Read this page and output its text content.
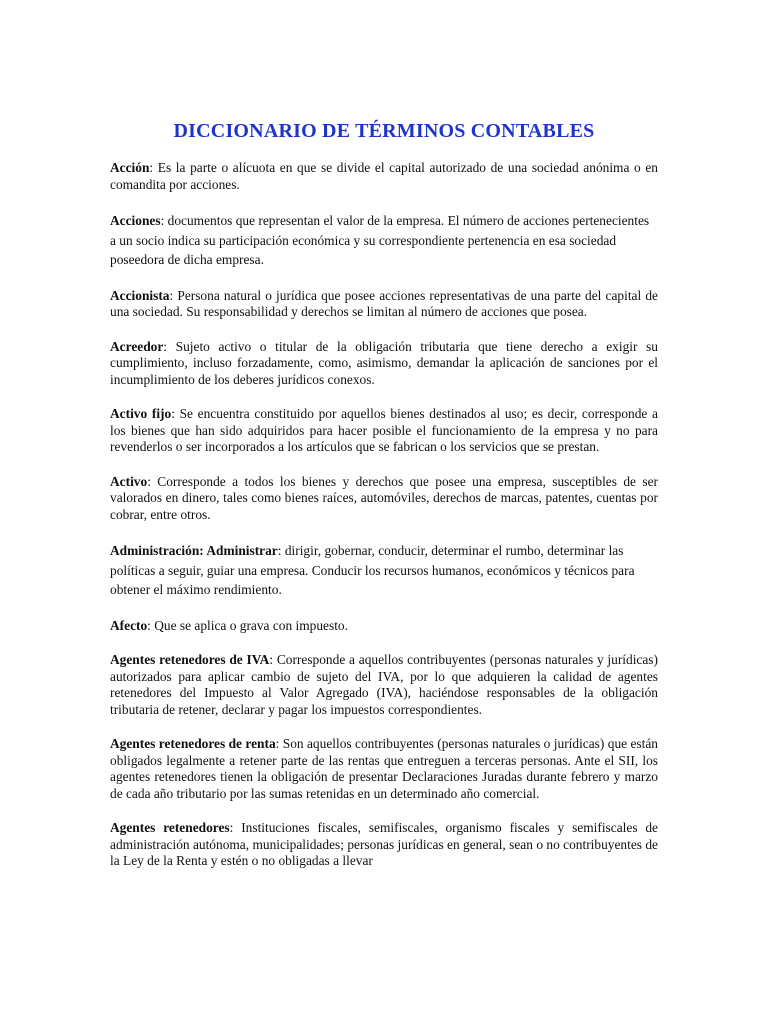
DICCIONARIO DE TÉRMINOS CONTABLES

Acción: Es la parte o alícuota en que se divide el capital autorizado de una sociedad anónima o en comandita por acciones.

Acciones: documentos que representan el valor de la empresa. El número de acciones pertenecientes a un socio indica su participación económica y su correspondiente pertenencia en esa sociedad poseedora de dicha empresa.

Accionista: Persona natural o jurídica que posee acciones representativas de una parte del capital de una sociedad. Su responsabilidad y derechos se limitan al número de acciones que posea.

Acreedor: Sujeto activo o titular de la obligación tributaria que tiene derecho a exigir su cumplimiento, incluso forzadamente, como, asimismo, demandar la aplicación de sanciones por el incumplimiento de los deberes jurídicos conexos.

Activo fijo: Se encuentra constituido por aquellos bienes destinados al uso; es decir, corresponde a los bienes que han sido adquiridos para hacer posible el funcionamiento de la empresa y no para revenderlos o ser incorporados a los artículos que se fabrican o los servicios que se prestan.

Activo: Corresponde a todos los bienes y derechos que posee una empresa, susceptibles de ser valorados en dinero, tales como bienes raíces, automóviles, derechos de marcas, patentes, cuentas por cobrar, entre otros.

Administración: Administrar: dirigir, gobernar, conducir, determinar el rumbo, determinar las políticas a seguir, guiar una empresa. Conducir los recursos humanos, económicos y técnicos para obtener el máximo rendimiento.

Afecto: Que se aplica o grava con impuesto.

Agentes retenedores de IVA: Corresponde a aquellos contribuyentes (personas naturales y jurídicas) autorizados para aplicar cambio de sujeto del IVA, por lo que adquieren la calidad de agentes retenedores del Impuesto al Valor Agregado (IVA), haciéndose responsables de la obligación tributaria de retener, declarar y pagar los impuestos correspondientes.

Agentes retenedores de renta: Son aquellos contribuyentes (personas naturales o jurídicas) que están obligados legalmente a retener parte de las rentas que entreguen a terceras personas. Ante el SII, los agentes retenedores tienen la obligación de presentar Declaraciones Juradas durante febrero y marzo de cada año tributario por las sumas retenidas en un determinado año comercial.

Agentes retenedores: Instituciones fiscales, semifiscales, organismo fiscales y semifiscales de administración autónoma, municipalidades; personas jurídicas en general, sean o no contribuyentes de la Ley de la Renta y estén o no obligadas a llevar
